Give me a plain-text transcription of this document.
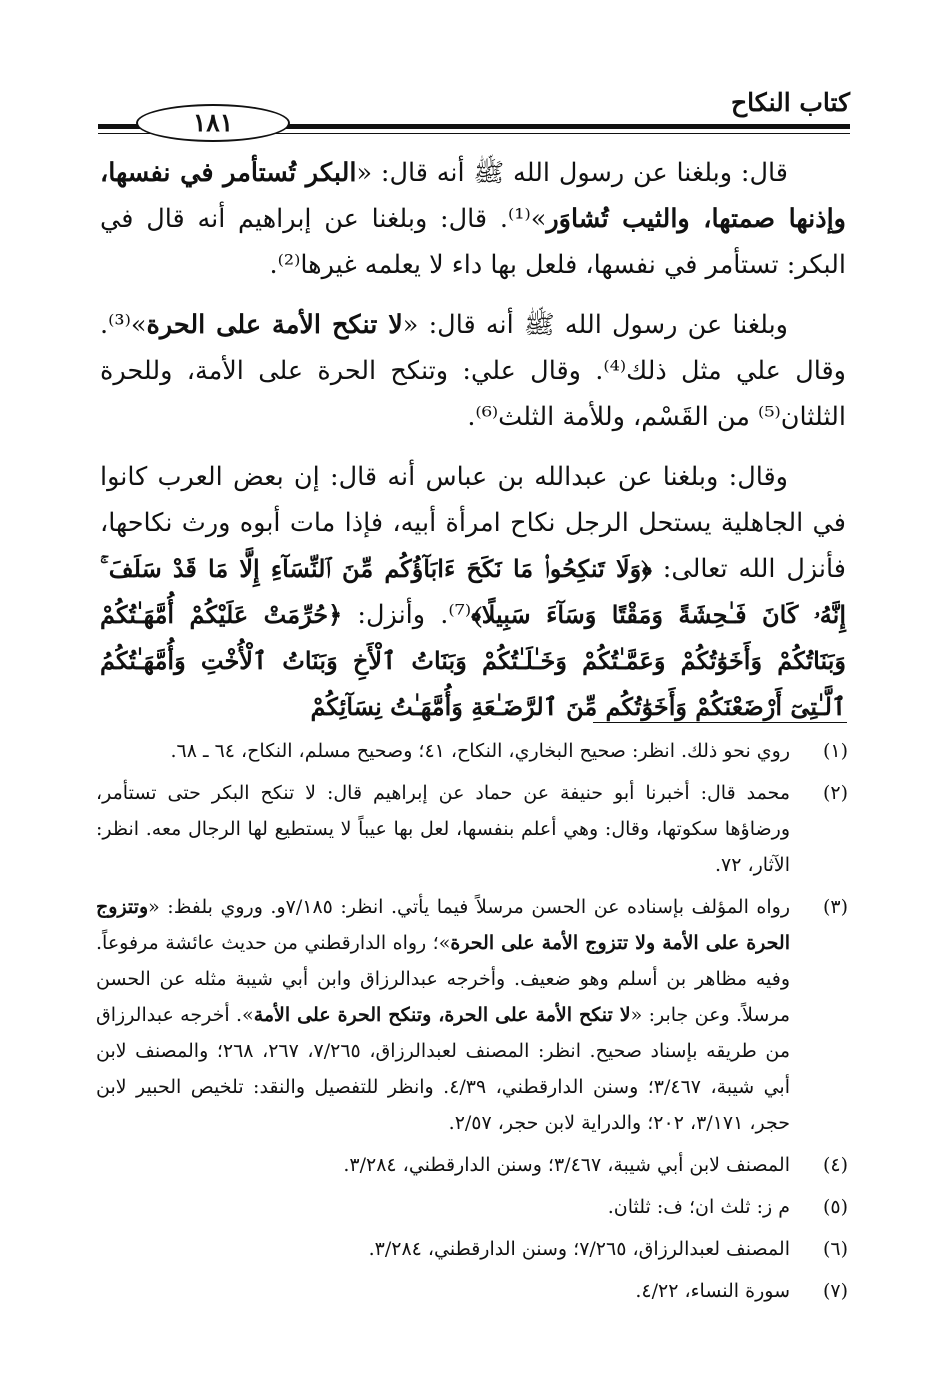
١٨١
كتاب النكاح

قال: وبلغنا عن رسول الله ﷺ أنه قال: «البكر تُستأمر في نفسها، وإذنها صمتها، والثيب تُشاوَر»⁽¹⁾. قال: وبلغنا عن إبراهيم أنه قال في البكر: تستأمر في نفسها، فلعل بها داء لا يعلمه غيرها⁽²⁾.

وبلغنا عن رسول الله ﷺ أنه قال: «لا تنكح الأمة على الحرة»⁽³⁾. وقال علي مثل ذلك⁽⁴⁾. وقال علي: وتنكح الحرة على الأمة، وللحرة الثلثان⁽⁵⁾ من القَسْم، وللأمة الثلث⁽⁶⁾.

وقال: وبلغنا عن عبدالله بن عباس أنه قال: إن بعض العرب كانوا في الجاهلية يستحل الرجل نكاح امرأة أبيه، فإذا مات أبوه ورث نكاحها، فأنزل الله تعالى: ﴿وَلَا تَنكِحُوا۟ مَا نَكَحَ ءَابَآؤُكُم مِّنَ ٱلنِّسَآءِ إِلَّا مَا قَدْ سَلَفَ ۚ إِنَّهُۥ كَانَ فَـٰحِشَةً وَمَقْتًا وَسَآءَ سَبِيلًا﴾⁽⁷⁾. وأنزل: ﴿حُرِّمَتْ عَلَيْكُمْ أُمَّهَـٰتُكُمْ وَبَنَاتُكُمْ وَأَخَوَٰتُكُمْ وَعَمَّـٰتُكُمْ وَخَـٰلَـٰتُكُمْ وَبَنَاتُ ٱلْأَخِ وَبَنَاتُ ٱلْأُخْتِ وَأُمَّهَـٰتُكُمُ ٱلَّـٰتِىٓ أَرْضَعْنَكُمْ وَأَخَوَٰتُكُم مِّنَ ٱلرَّضَـٰعَةِ وَأُمَّهَـٰتُ نِسَآئِكُمْ

(١)
روي نحو ذلك. انظر: صحيح البخاري، النكاح، ٤١؛ وصحيح مسلم، النكاح، ٦٤ ـ ٦٨.
(٢)
محمد قال: أخبرنا أبو حنيفة عن حماد عن إبراهيم قال: لا تنكح البكر حتى تستأمر، ورضاؤها سكوتها، وقال: وهي أعلم بنفسها، لعل بها عيباً لا يستطيع لها الرجال معه. انظر: الآثار، ٧٢.
(٣)
رواه المؤلف بإسناده عن الحسن مرسلاً فيما يأتي. انظر: ٧/١٨٥و. وروي بلفظ: «وتتزوج الحرة على الأمة ولا تتزوج الأمة على الحرة»؛ رواه الدارقطني من حديث عائشة مرفوعاً. وفيه مظاهر بن أسلم وهو ضعيف. وأخرجه عبدالرزاق وابن أبي شيبة مثله عن الحسن مرسلاً. وعن جابر: «لا تنكح الأمة على الحرة، وتنكح الحرة على الأمة». أخرجه عبدالرزاق من طريقه بإسناد صحيح. انظر: المصنف لعبدالرزاق، ٧/٢٦٥، ٢٦٧، ٢٦٨؛ والمصنف لابن أبي شيبة، ٣/٤٦٧؛ وسنن الدارقطني، ٤/٣٩. وانظر للتفصيل والنقد: تلخيص الحبير لابن حجر، ٣/١٧١، ٢٠٢؛ والدراية لابن حجر، ٢/٥٧.
(٤)
المصنف لابن أبي شيبة، ٣/٤٦٧؛ وسنن الدارقطني، ٣/٢٨٤.
(٥)
م ز: ثلث ان؛ ف: ثلثان.
(٦)
المصنف لعبدالرزاق، ٧/٢٦٥؛ وسنن الدارقطني، ٣/٢٨٤.
(٧)
سورة النساء، ٤/٢٢.
